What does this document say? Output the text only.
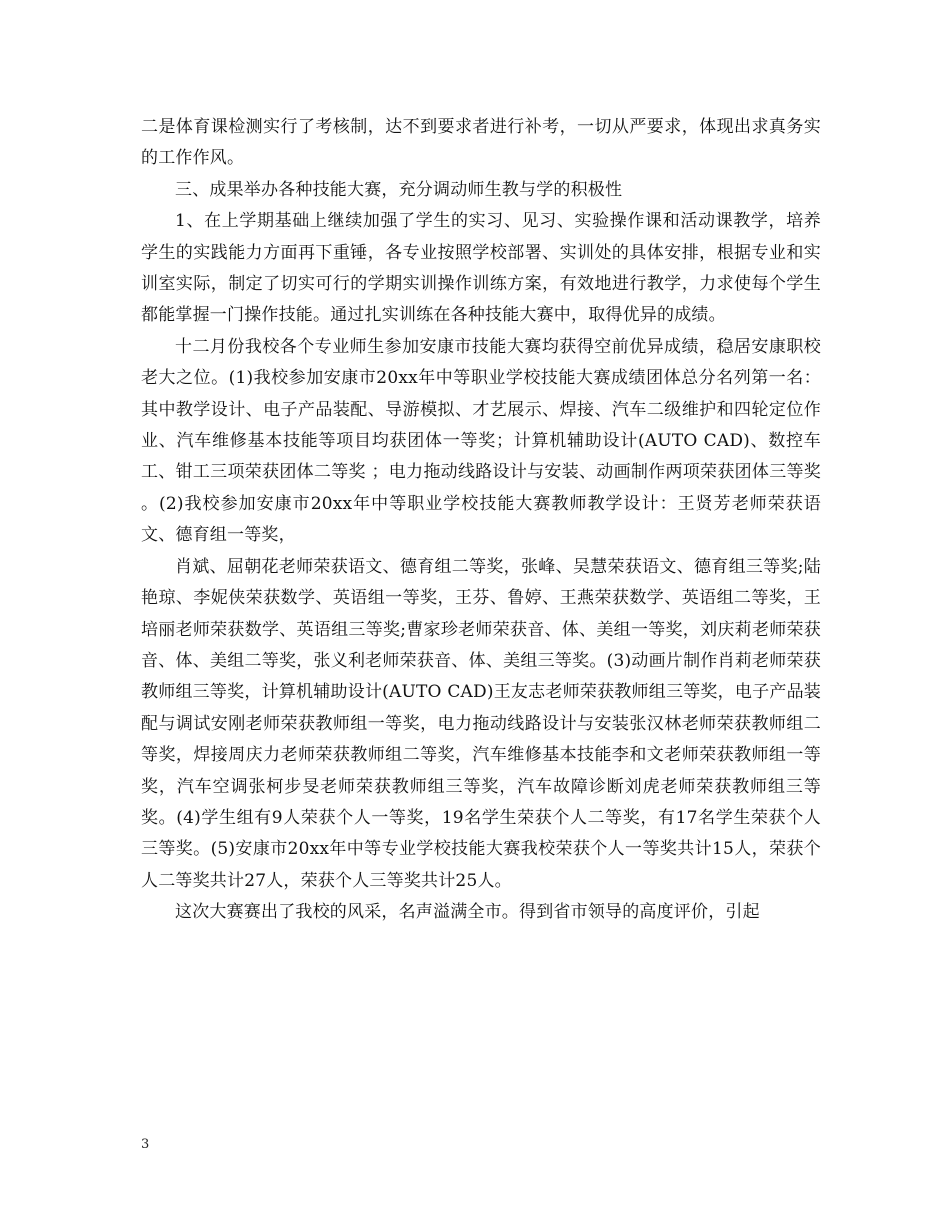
二是体育课检测实行了考核制，达不到要求者进行补考，一切从严要求，体现出求真务实的工作作风。

三、成果举办各种技能大赛，充分调动师生教与学的积极性

1、在上学期基础上继续加强了学生的实习、见习、实验操作课和活动课教学，培养学生的实践能力方面再下重锤，各专业按照学校部署、实训处的具体安排，根据专业和实训室实际，制定了切实可行的学期实训操作训练方案，有效地进行教学，力求使每个学生都能掌握一门操作技能。通过扎实训练在各种技能大赛中，取得优异的成绩。

十二月份我校各个专业师生参加安康市技能大赛均获得空前优异成绩，稳居安康职校老大之位。(1)我校参加安康市20xx年中等职业学校技能大赛成绩团体总分名列第一名：其中教学设计、电子产品装配、导游模拟、才艺展示、焊接、汽车二级维护和四轮定位作业、汽车维修基本技能等项目均获团体一等奖；计算机辅助设计(AUTO CAD)、数控车工、钳工三项荣获团体二等奖 ；电力拖动线路设计与安装、动画制作两项荣获团体三等奖 。(2)我校参加安康市20xx年中等职业学校技能大赛教师教学设计：王贤芳老师荣获语文、德育组一等奖，

肖斌、屈朝花老师荣获语文、德育组二等奖，张峰、吴慧荣获语文、德育组三等奖;陆艳琼、李妮侠荣获数学、英语组一等奖，王芬、鲁婷、王燕荣获数学、英语组二等奖，王培丽老师荣获数学、英语组三等奖;曹家珍老师荣获音、体、美组一等奖，刘庆莉老师荣获音、体、美组二等奖，张义利老师荣获音、体、美组三等奖。(3)动画片制作肖莉老师荣获教师组三等奖，计算机辅助设计(AUTO CAD)王友志老师荣获教师组三等奖，电子产品装配与调试安刚老师荣获教师组一等奖，电力拖动线路设计与安装张汉林老师荣获教师组二等奖，焊接周庆力老师荣获教师组二等奖，汽车维修基本技能李和文老师荣获教师组一等奖，汽车空调张柯步旻老师荣获教师组三等奖，汽车故障诊断刘虎老师荣获教师组三等奖。(4)学生组有9人荣获个人一等奖，19名学生荣获个人二等奖，有17名学生荣获个人三等奖。(5)安康市20xx年中等专业学校技能大赛我校荣获个人一等奖共计15人，荣获个人二等奖共计27人，荣获个人三等奖共计25人。

这次大赛赛出了我校的风采，名声溢满全市。得到省市领导的高度评价，引起

3
